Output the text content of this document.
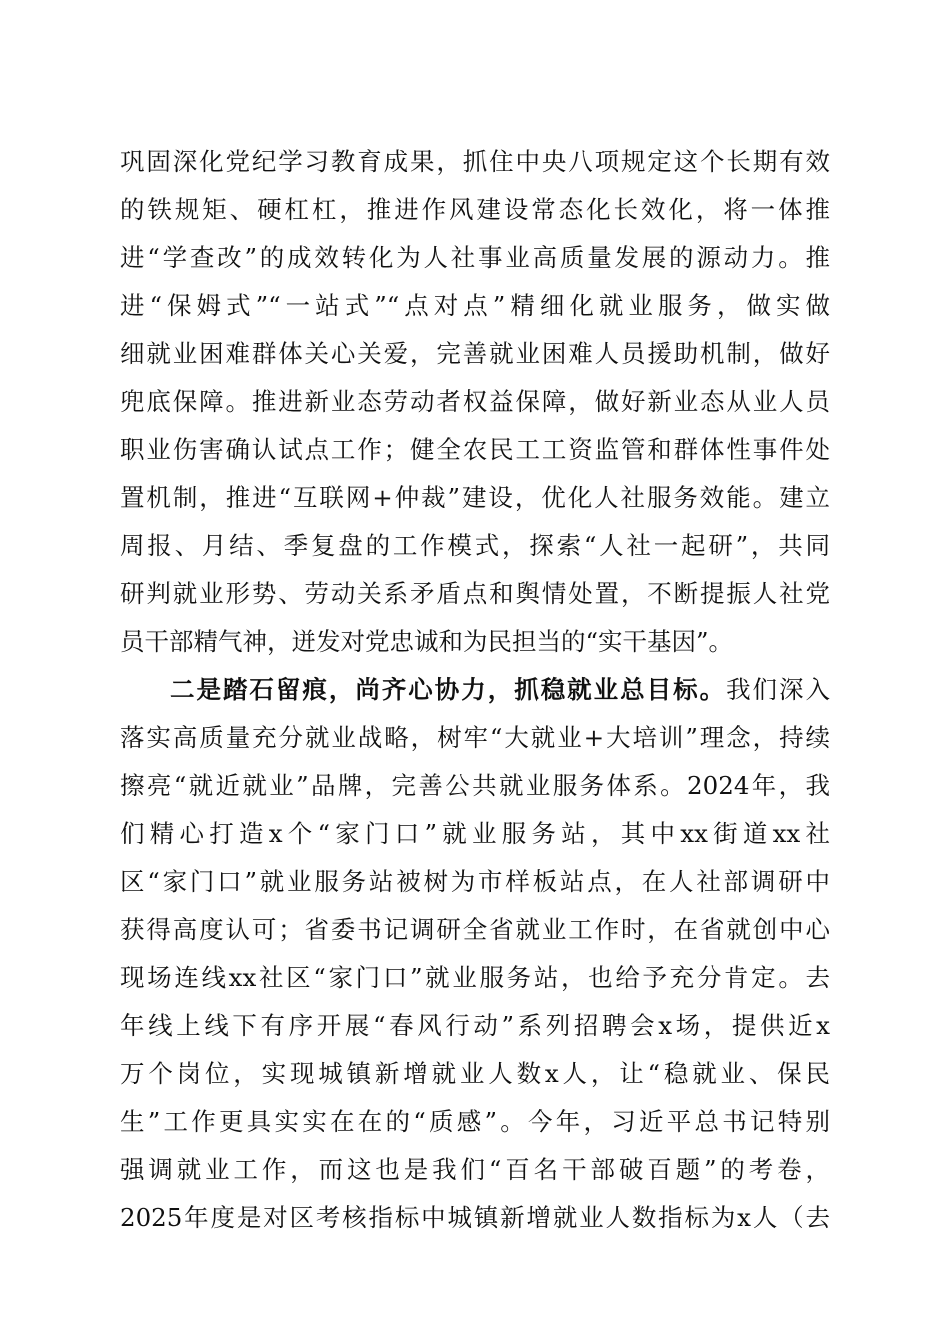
巩固深化党纪学习教育成果，抓住中央八项规定这个长期有效
的铁规矩、硬杠杠，推进作风建设常态化长效化，将一体推
进“学查改”的成效转化为人社事业高质量发展的源动力。推
进“保姆式”“一站式”“点对点”精细化就业服务，做实做
细就业困难群体关心关爱，完善就业困难人员援助机制，做好
兜底保障。推进新业态劳动者权益保障，做好新业态从业人员
职业伤害确认试点工作；健全农民工工资监管和群体性事件处
置机制，推进“互联网+仲裁”建设，优化人社服务效能。建立
周报、月结、季复盘的工作模式，探索“人社一起研”，共同
研判就业形势、劳动关系矛盾点和舆情处置，不断提振人社党
员干部精气神，迸发对党忠诚和为民担当的“实干基因”。
二是踏石留痕，尚齐心协力，抓稳就业总目标。我们深入
落实高质量充分就业战略，树牢“大就业+大培训”理念，持续
擦亮“就近就业”品牌，完善公共就业服务体系。2024年，我
们精心打造x个“家门口”就业服务站，其中xx街道xx社
区“家门口”就业服务站被树为市样板站点，在人社部调研中
获得高度认可；省委书记调研全省就业工作时，在省就创中心
现场连线xx社区“家门口”就业服务站，也给予充分肯定。去
年线上线下有序开展“春风行动”系列招聘会x场，提供近x
万个岗位，实现城镇新增就业人数x人，让“稳就业、保民
生”工作更具实实在在的“质感”。今年，习近平总书记特别
强调就业工作，而这也是我们“百名干部破百题”的考卷，
2025年度是对区考核指标中城镇新增就业人数指标为x人（去
